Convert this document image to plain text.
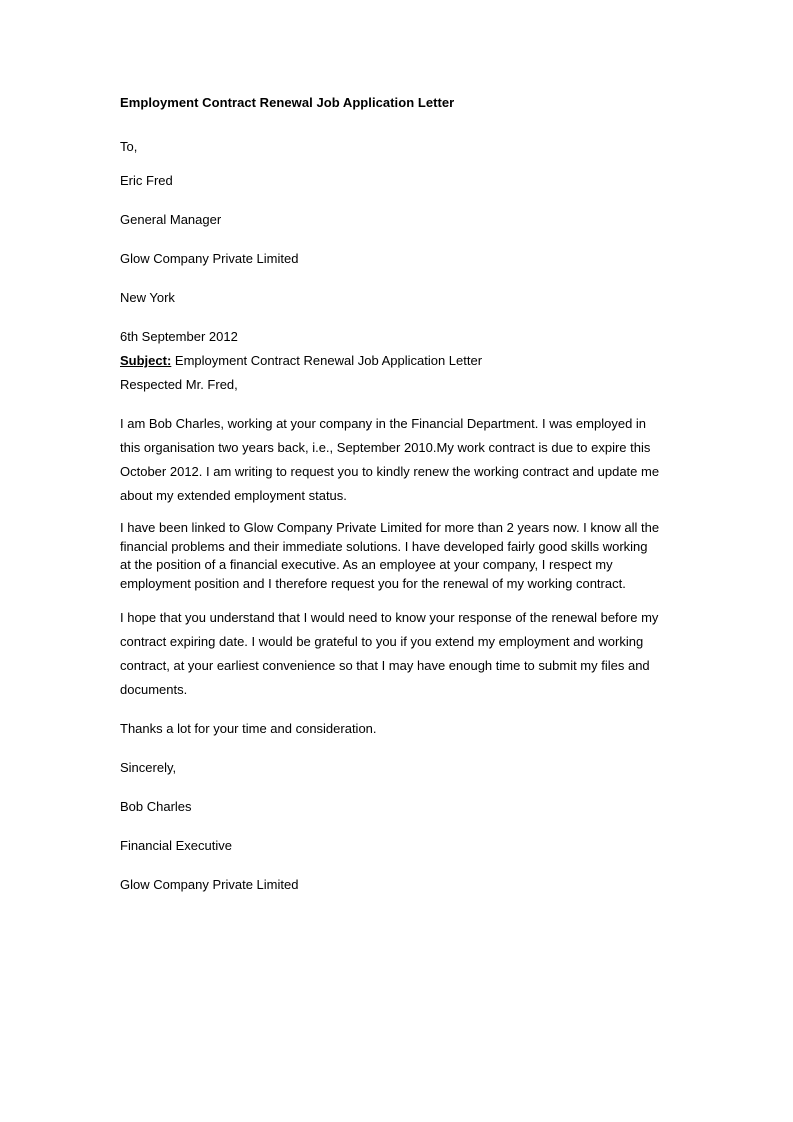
Employment Contract Renewal Job Application Letter

To,

Eric Fred

General Manager

Glow Company Private Limited

New York

6th September 2012

Subject: Employment Contract Renewal Job Application Letter

Respected Mr. Fred,

I am Bob Charles, working at your company in the Financial Department. I was employed in
this organisation two years back, i.e., September 2010.My work contract is due to expire this
October 2012. I am writing to request you to kindly renew the working contract and update me
about my extended employment status.
I have been linked to Glow Company Private Limited for more than 2 years now. I know all the
financial problems and their immediate solutions. I have developed fairly good skills working
at the position of a financial executive. As an employee at your company, I respect my
employment position and I therefore request you for the renewal of my working contract.
I hope that you understand that I would need to know your response of the renewal before my
contract expiring date. I would be grateful to you if you extend my employment and working
contract, at your earliest convenience so that I may have enough time to submit my files and
documents.

Thanks a lot for your time and consideration.

Sincerely,

Bob Charles

Financial Executive

Glow Company Private Limited
